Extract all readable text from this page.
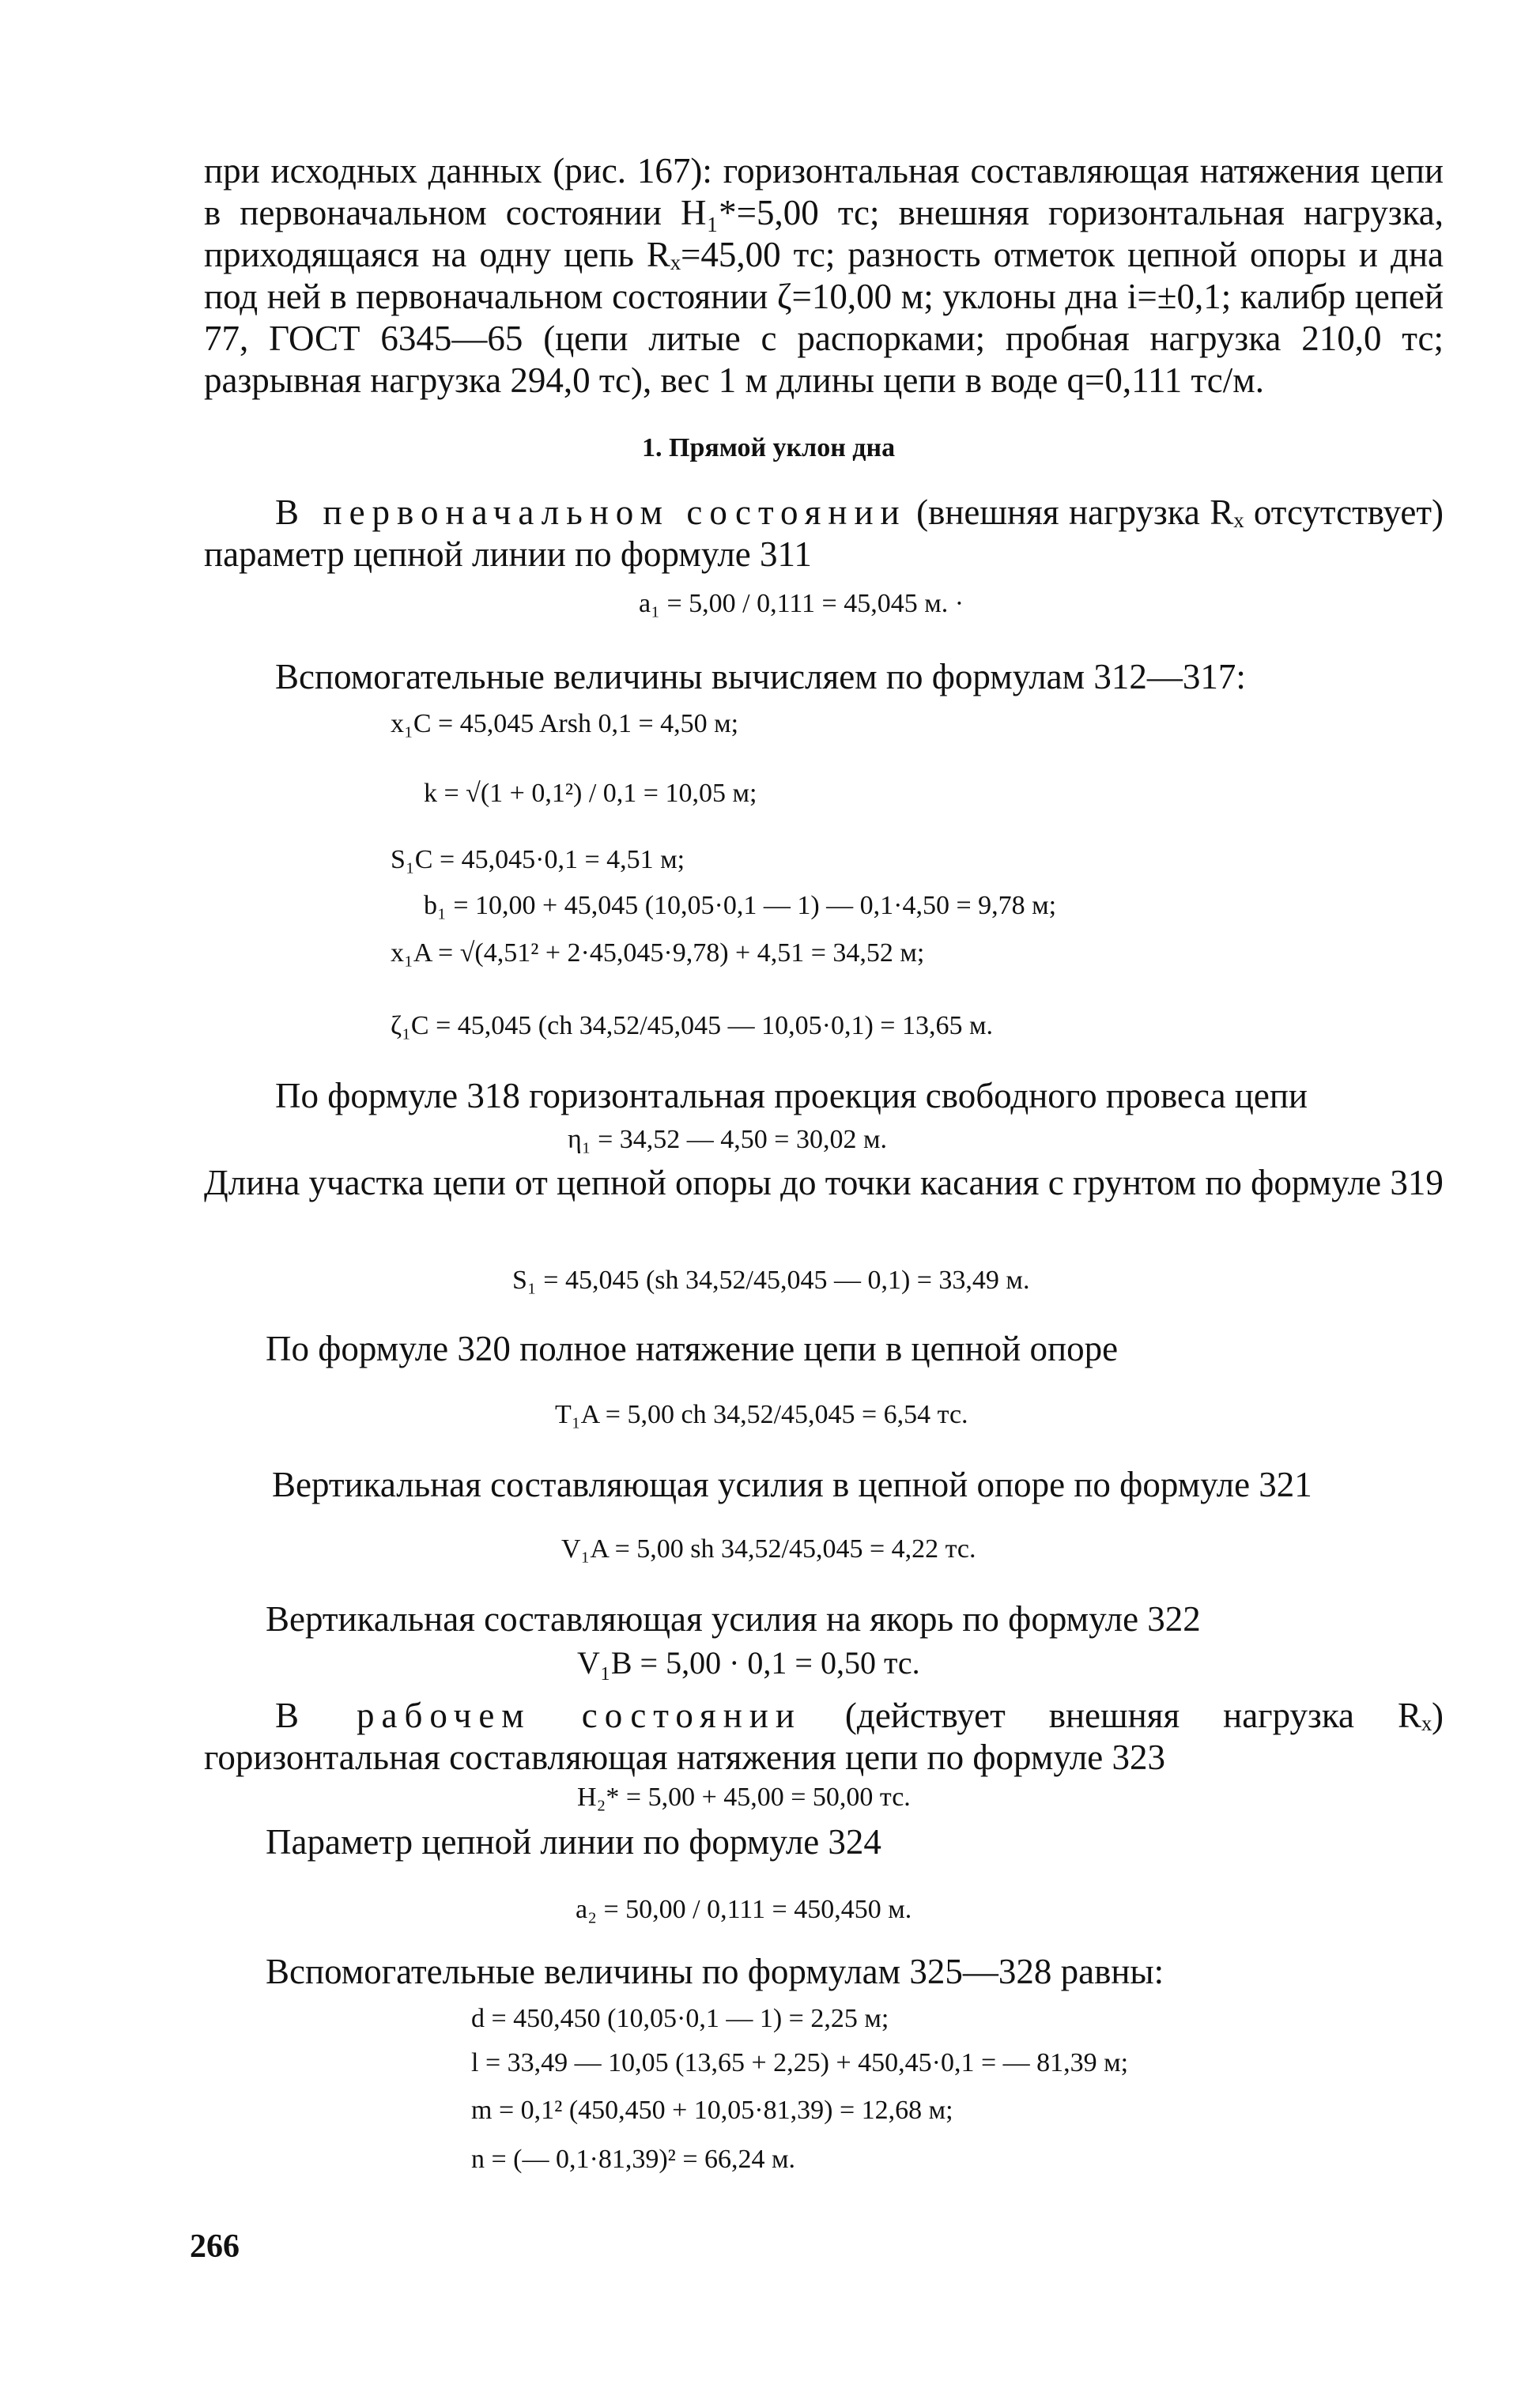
при исходных данных (рис. 167): горизонтальная составляющая натяжения цепи в первоначальном состоянии H₁*=5,00 тс; внешняя горизонтальная нагрузка, приходящаяся на одну цепь Rₓ=45,00 тс; разность отметок цепной опоры и дна под ней в первоначальном состоянии ζ=10,00 м; уклоны дна i=±0,1; калибр цепей 77, ГОСТ 6345—65 (цепи литые с распорками; пробная нагрузка 210,0 тс; разрывная нагрузка 294,0 тс), вес 1 м длины цепи в воде q=0,111 тс/м.
1. Прямой уклон дна
В первоначальном состоянии (внешняя нагрузка Rₓ отсутствует) параметр цепной линии по формуле 311
a₁ = 5,00 / 0,111 = 45,045 м. ·
Вспомогательные величины вычисляем по формулам 312—317:
x₁C = 45,045 Arsh 0,1 = 4,50 м;
k = √(1 + 0,1²) / 0,1 = 10,05 м;
S₁C = 45,045·0,1 = 4,51 м;
b₁ = 10,00 + 45,045 (10,05·0,1 — 1) — 0,1·4,50 = 9,78 м;
x₁A = √(4,51² + 2·45,045·9,78) + 4,51 = 34,52 м;
ζ₁C = 45,045 (ch 34,52/45,045 — 10,05·0,1) = 13,65 м.
По формуле 318 горизонтальная проекция свободного провеса цепи
η₁ = 34,52 — 4,50 = 30,02 м.
Длина участка цепи от цепной опоры до точки касания с грунтом по формуле 319
S₁ = 45,045 (sh 34,52/45,045 — 0,1) = 33,49 м.
По формуле 320 полное натяжение цепи в цепной опоре
T₁A = 5,00 ch 34,52/45,045 = 6,54 тс.
Вертикальная составляющая усилия в цепной опоре по формуле 321
V₁A = 5,00 sh 34,52/45,045 = 4,22 тс.
Вертикальная составляющая усилия на якорь по формуле 322
V₁B = 5,00 · 0,1 = 0,50 тс.
В рабочем состоянии (действует внешняя нагрузка Rₓ) горизонтальная составляющая натяжения цепи по формуле 323
H₂* = 5,00 + 45,00 = 50,00 тс.
Параметр цепной линии по формуле 324
a₂ = 50,00 / 0,111 = 450,450 м.
Вспомогательные величины по формулам 325—328 равны:
d = 450,450 (10,05·0,1 — 1) = 2,25 м;
l = 33,49 — 10,05 (13,65 + 2,25) + 450,45·0,1 = — 81,39 м;
m = 0,1² (450,450 + 10,05·81,39) = 12,68 м;
n = (— 0,1·81,39)² = 66,24 м.
266
